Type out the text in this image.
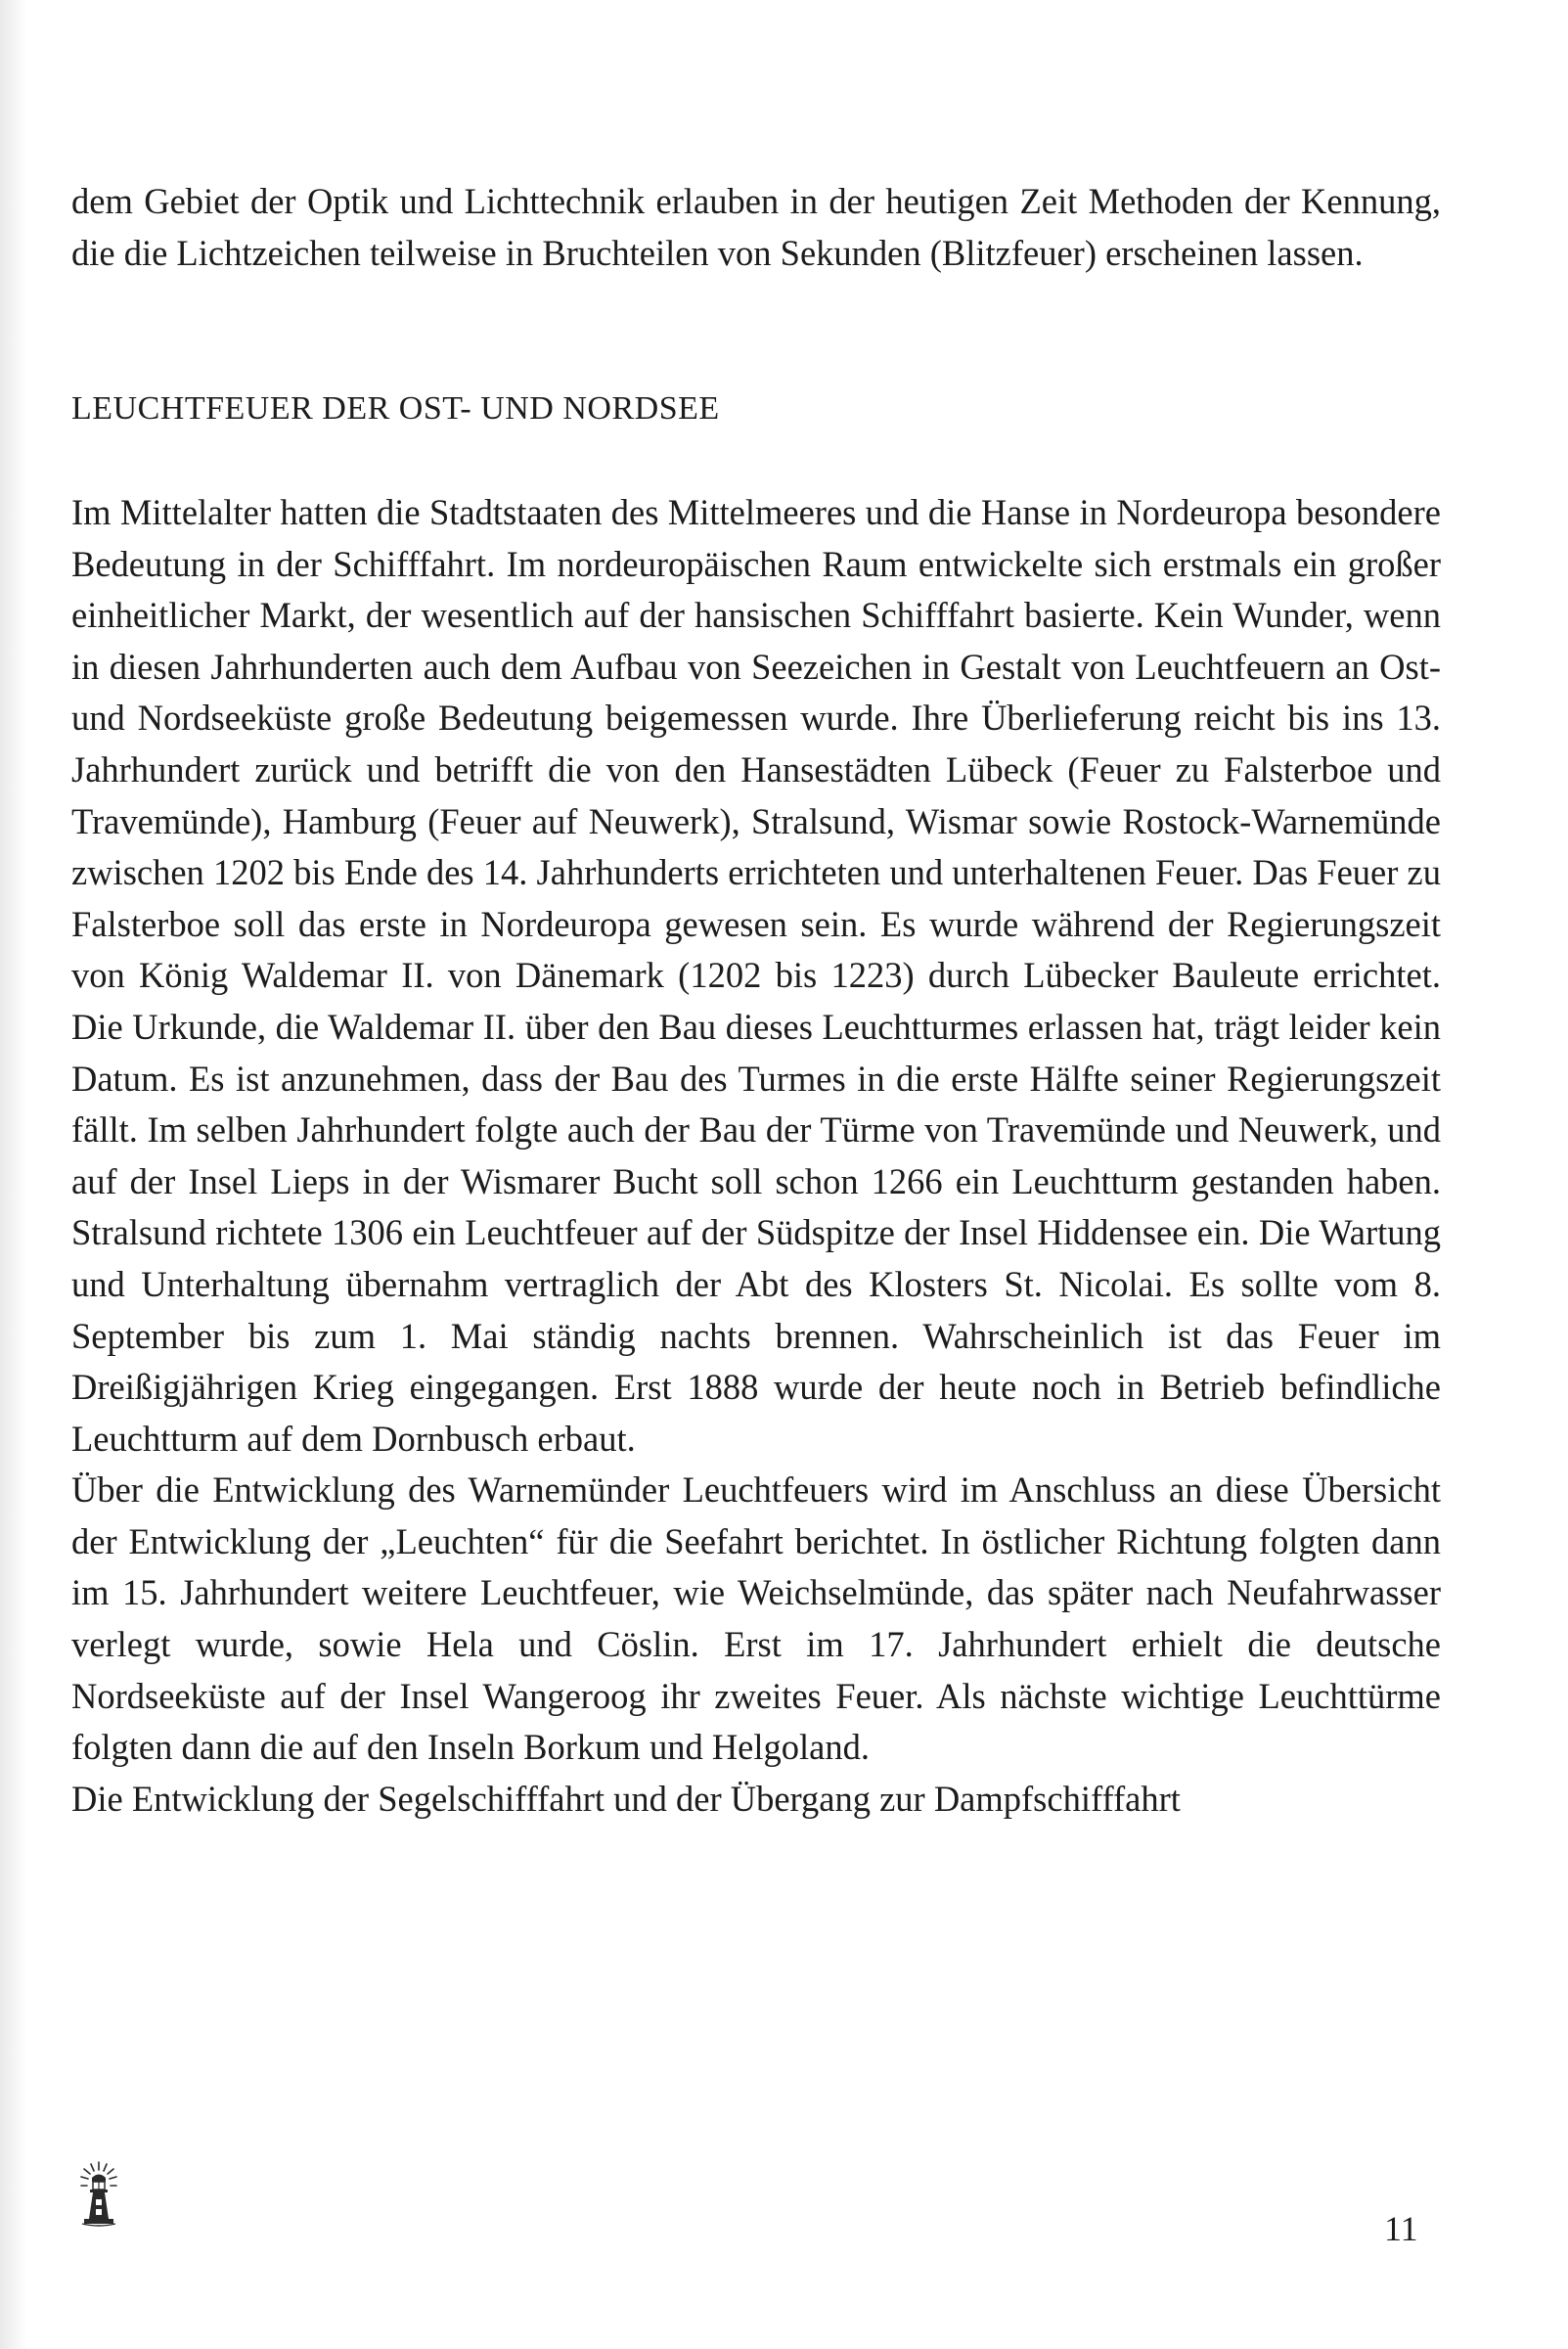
dem Gebiet der Optik und Lichttechnik erlauben in der heutigen Zeit Methoden der Kennung, die die Lichtzeichen teilweise in Bruchteilen von Sekunden (Blitzfeuer) erscheinen lassen.

LEUCHTFEUER DER OST- UND NORDSEE

Im Mittelalter hatten die Stadtstaaten des Mittelmeeres und die Hanse in Nordeuropa besondere Bedeutung in der Schifffahrt. Im nordeuropäischen Raum entwickelte sich erstmals ein großer einheitlicher Markt, der wesentlich auf der hansischen Schifffahrt basierte. Kein Wunder, wenn in diesen Jahrhunderten auch dem Aufbau von Seezeichen in Gestalt von Leuchtfeuern an Ost- und Nordseeküste große Bedeutung beigemessen wurde. Ihre Überlieferung reicht bis ins 13. Jahrhundert zurück und betrifft die von den Hansestädten Lübeck (Feuer zu Falsterboe und Travemünde), Hamburg (Feuer auf Neuwerk), Stralsund, Wismar sowie Rostock-Warnemünde zwischen 1202 bis Ende des 14. Jahrhunderts errichteten und unterhaltenen Feuer. Das Feuer zu Falsterboe soll das erste in Nordeuropa gewesen sein. Es wurde während der Regierungszeit von König Waldemar II. von Dänemark (1202 bis 1223) durch Lübecker Bauleute errichtet. Die Urkunde, die Waldemar II. über den Bau dieses Leuchtturmes erlassen hat, trägt leider kein Datum. Es ist anzunehmen, dass der Bau des Turmes in die erste Hälfte seiner Regierungszeit fällt. Im selben Jahrhundert folgte auch der Bau der Türme von Travemünde und Neuwerk, und auf der Insel Lieps in der Wismarer Bucht soll schon 1266 ein Leuchtturm gestanden haben. Stralsund richtete 1306 ein Leuchtfeuer auf der Südspitze der Insel Hiddensee ein. Die Wartung und Unterhaltung übernahm vertraglich der Abt des Klosters St. Nicolai. Es sollte vom 8. September bis zum 1. Mai ständig nachts brennen. Wahrscheinlich ist das Feuer im Dreißigjährigen Krieg eingegangen. Erst 1888 wurde der heute noch in Betrieb befindliche Leuchtturm auf dem Dornbusch erbaut.

Über die Entwicklung des Warnemünder Leuchtfeuers wird im Anschluss an diese Übersicht der Entwicklung der „Leuchten“ für die Seefahrt berichtet. In östlicher Richtung folgten dann im 15. Jahrhundert weitere Leuchtfeuer, wie Weichselmünde, das später nach Neufahrwasser verlegt wurde, sowie Hela und Cöslin. Erst im 17. Jahrhundert erhielt die deutsche Nordseeküste auf der Insel Wangeroog ihr zweites Feuer. Als nächste wichtige Leuchttürme folgten dann die auf den Inseln Borkum und Helgoland.

Die Entwicklung der Segelschifffahrt und der Übergang zur Dampfschifffahrt

11
